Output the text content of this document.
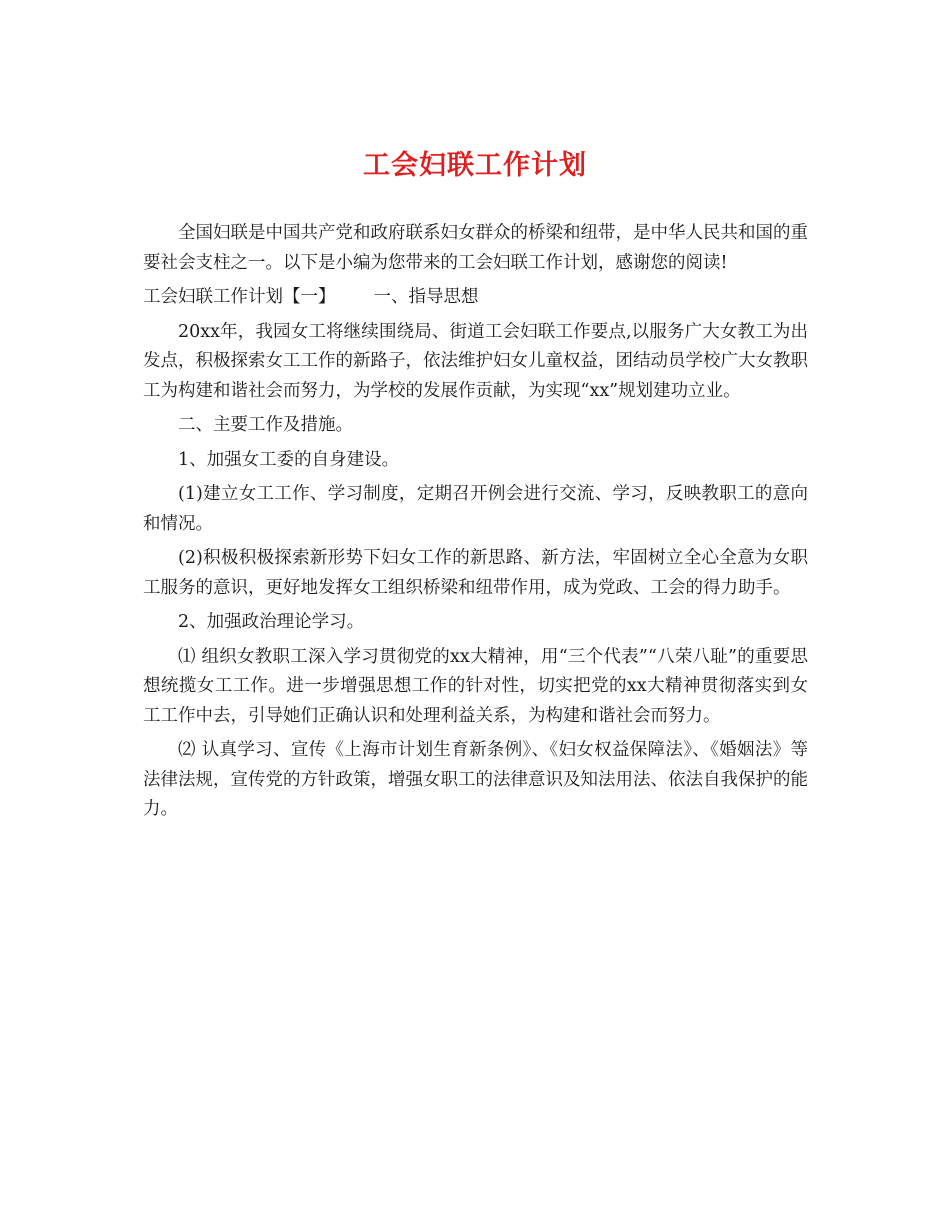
工会妇联工作计划

全国妇联是中国共产党和政府联系妇女群众的桥梁和纽带，是中华人民共和国的重要社会支柱之一。以下是小编为您带来的工会妇联工作计划，感谢您的阅读!

工会妇联工作计划【一】 一、指导思想

20xx年，我园女工将继续围绕局、街道工会妇联工作要点,以服务广大女教工为出发点，积极探索女工工作的新路子，依法维护妇女儿童权益，团结动员学校广大女教职工为构建和谐社会而努力，为学校的发展作贡献，为实现“xx”规划建功立业。

二、主要工作及措施。

1、加强女工委的自身建设。

(1)建立女工工作、学习制度，定期召开例会进行交流、学习，反映教职工的意向和情况。

(2)积极积极探索新形势下妇女工作的新思路、新方法，牢固树立全心全意为女职工服务的意识，更好地发挥女工组织桥梁和纽带作用，成为党政、工会的得力助手。

2、加强政治理论学习。

⑴ 组织女教职工深入学习贯彻党的xx大精神，用“三个代表”“八荣八耻”的重要思想统揽女工工作。进一步增强思想工作的针对性，切实把党的xx大精神贯彻落实到女工工作中去，引导她们正确认识和处理利益关系，为构建和谐社会而努力。

⑵ 认真学习、宣传《上海市计划生育新条例》、《妇女权益保障法》、《婚姻法》等法律法规，宣传党的方针政策，增强女职工的法律意识及知法用法、依法自我保护的能力。
